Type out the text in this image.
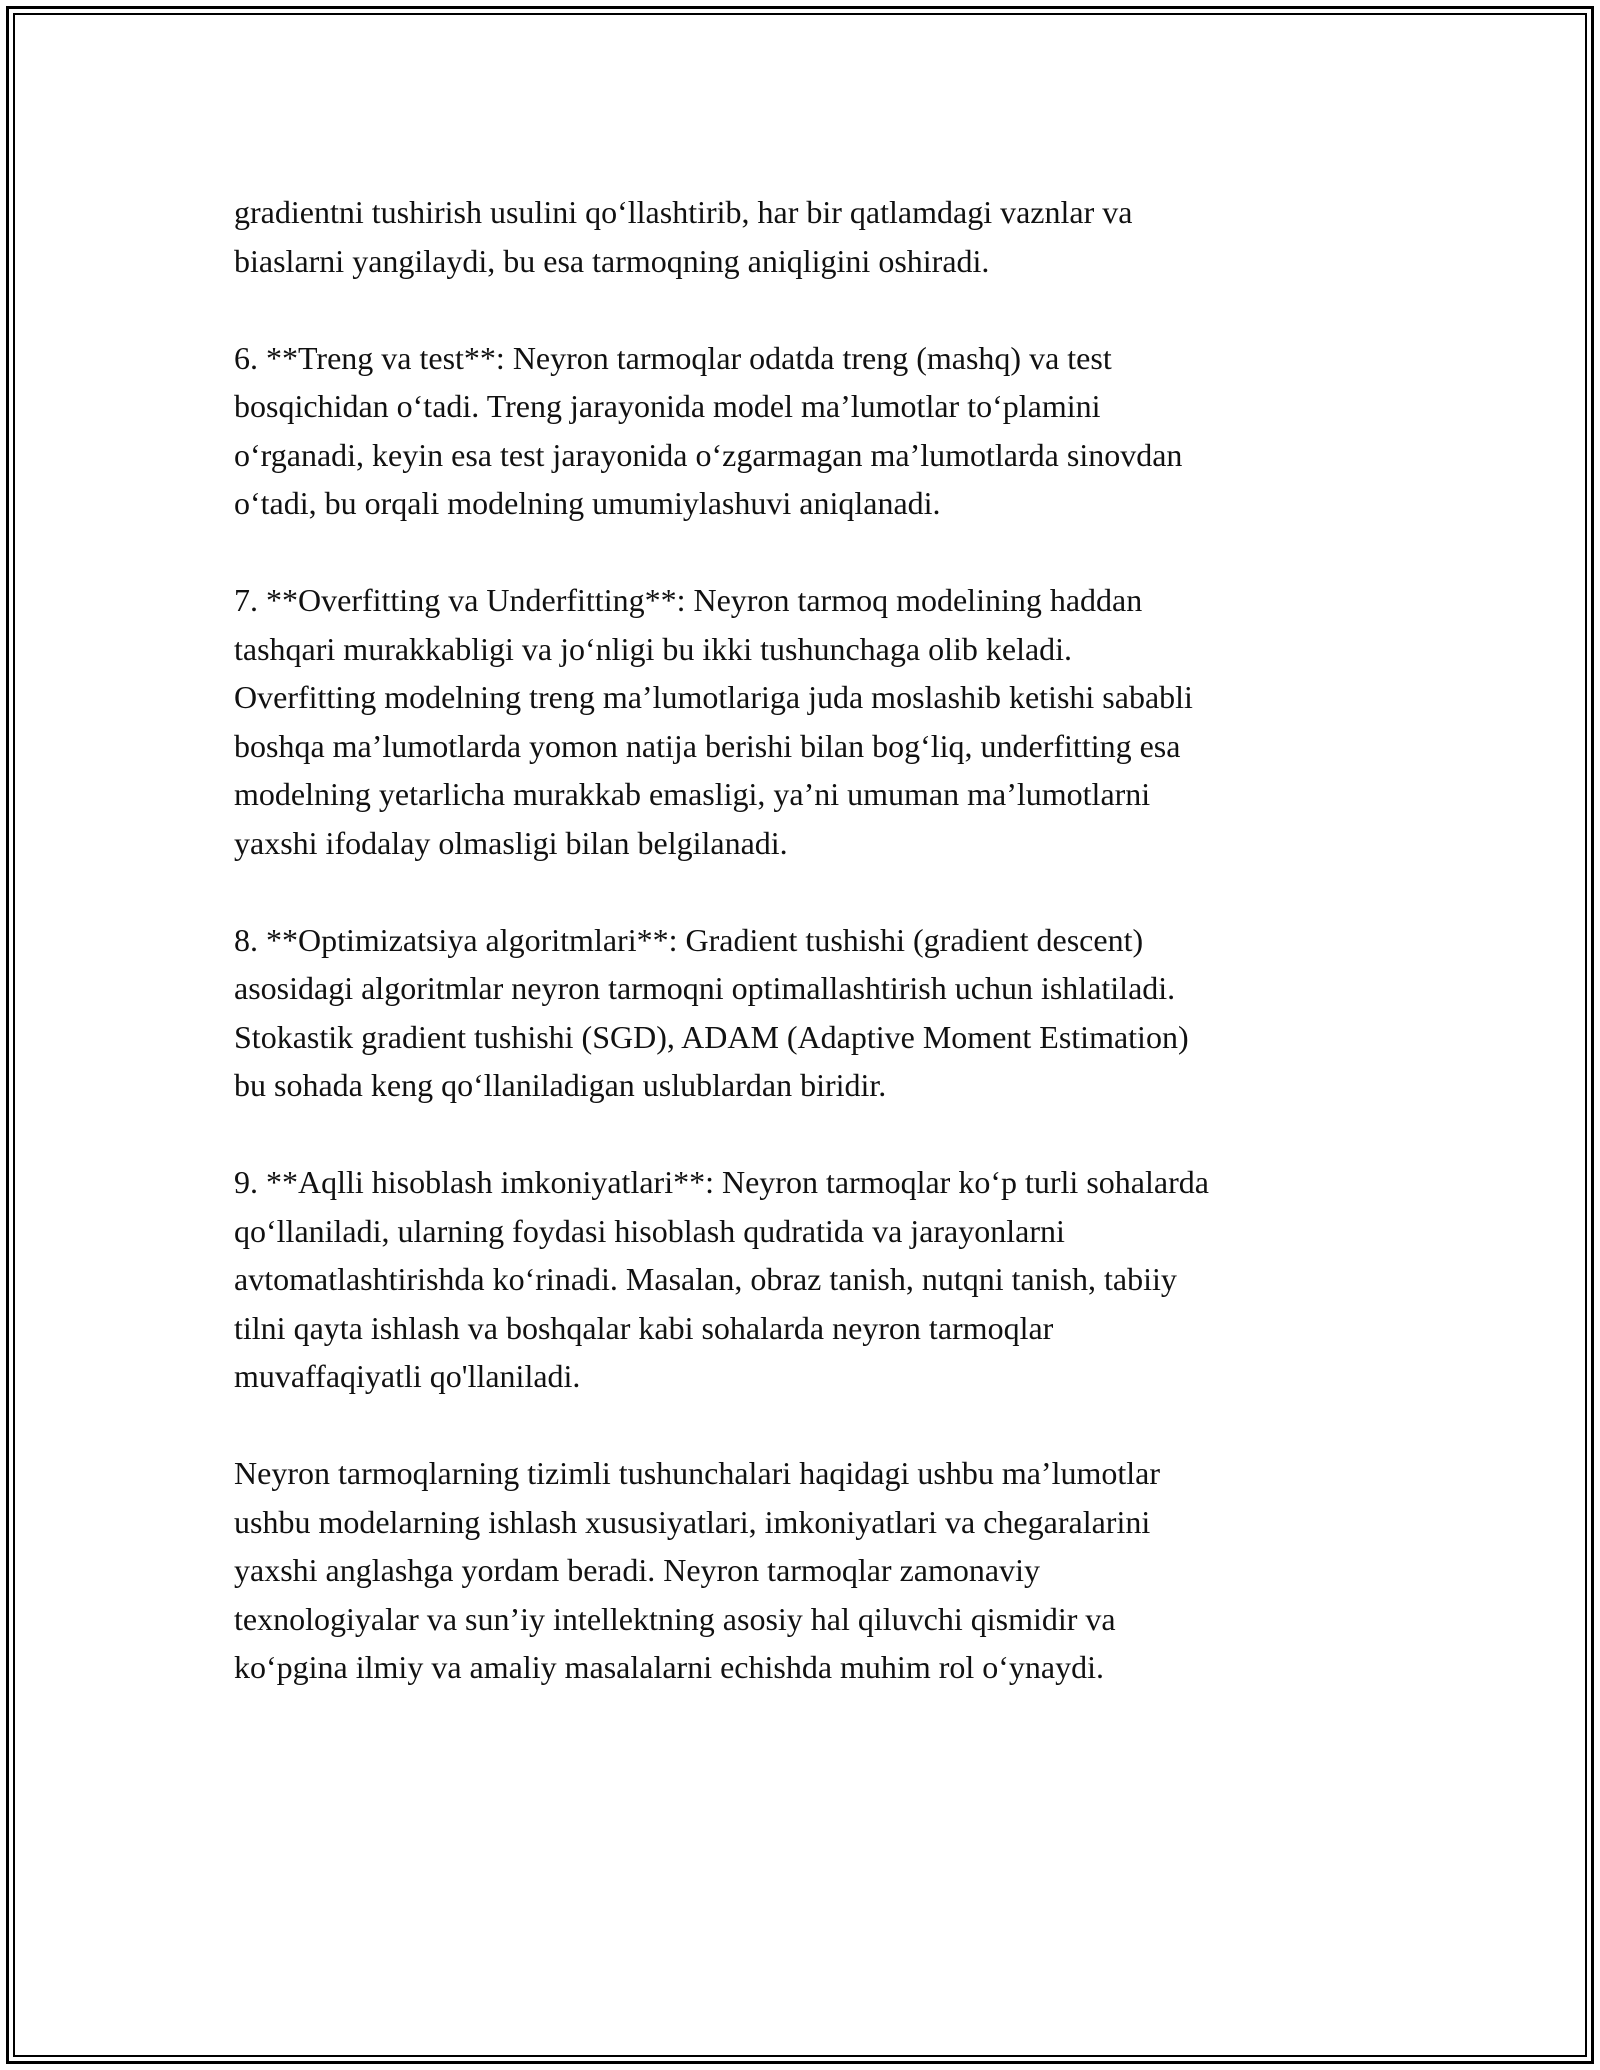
gradientni tushirish usulini qo‘llashtirib, har bir qatlamdagi vaznlar va
biaslarni yangilaydi, bu esa tarmoqning aniqligini oshiradi.

6. **Treng va test**: Neyron tarmoqlar odatda treng (mashq) va test
bosqichidan o‘tadi. Treng jarayonida model ma’lumotlar to‘plamini
o‘rganadi, keyin esa test jarayonida o‘zgarmagan ma’lumotlarda sinovdan
o‘tadi, bu orqali modelning umumiylashuvi aniqlanadi.

7. **Overfitting va Underfitting**: Neyron tarmoq modelining haddan
tashqari murakkabligi va jo‘nligi bu ikki tushunchaga olib keladi.
Overfitting modelning treng ma’lumotlariga juda moslashib ketishi sababli
boshqa ma’lumotlarda yomon natija berishi bilan bog‘liq, underfitting esa
modelning yetarlicha murakkab emasligi, ya’ni umuman ma’lumotlarni
yaxshi ifodalay olmasligi bilan belgilanadi.

8. **Optimizatsiya algoritmlari**: Gradient tushishi (gradient descent)
asosidagi algoritmlar neyron tarmoqni optimallashtirish uchun ishlatiladi.
Stokastik gradient tushishi (SGD), ADAM (Adaptive Moment Estimation)
bu sohada keng qo‘llaniladigan uslublardan biridir.

9. **Aqlli hisoblash imkoniyatlari**: Neyron tarmoqlar ko‘p turli sohalarda
qo‘llaniladi, ularning foydasi hisoblash qudratida va jarayonlarni
avtomatlashtirishda ko‘rinadi. Masalan, obraz tanish, nutqni tanish, tabiiy
tilni qayta ishlash va boshqalar kabi sohalarda neyron tarmoqlar
muvaffaqiyatli qo'llaniladi.

Neyron tarmoqlarning tizimli tushunchalari haqidagi ushbu ma’lumotlar
ushbu modelarning ishlash xususiyatlari, imkoniyatlari va chegaralarini
yaxshi anglashga yordam beradi. Neyron tarmoqlar zamonaviy
texnologiyalar va sun’iy intellektning asosiy hal qiluvchi qismidir va
ko‘pgina ilmiy va amaliy masalalarni echishda muhim rol o‘ynaydi.
